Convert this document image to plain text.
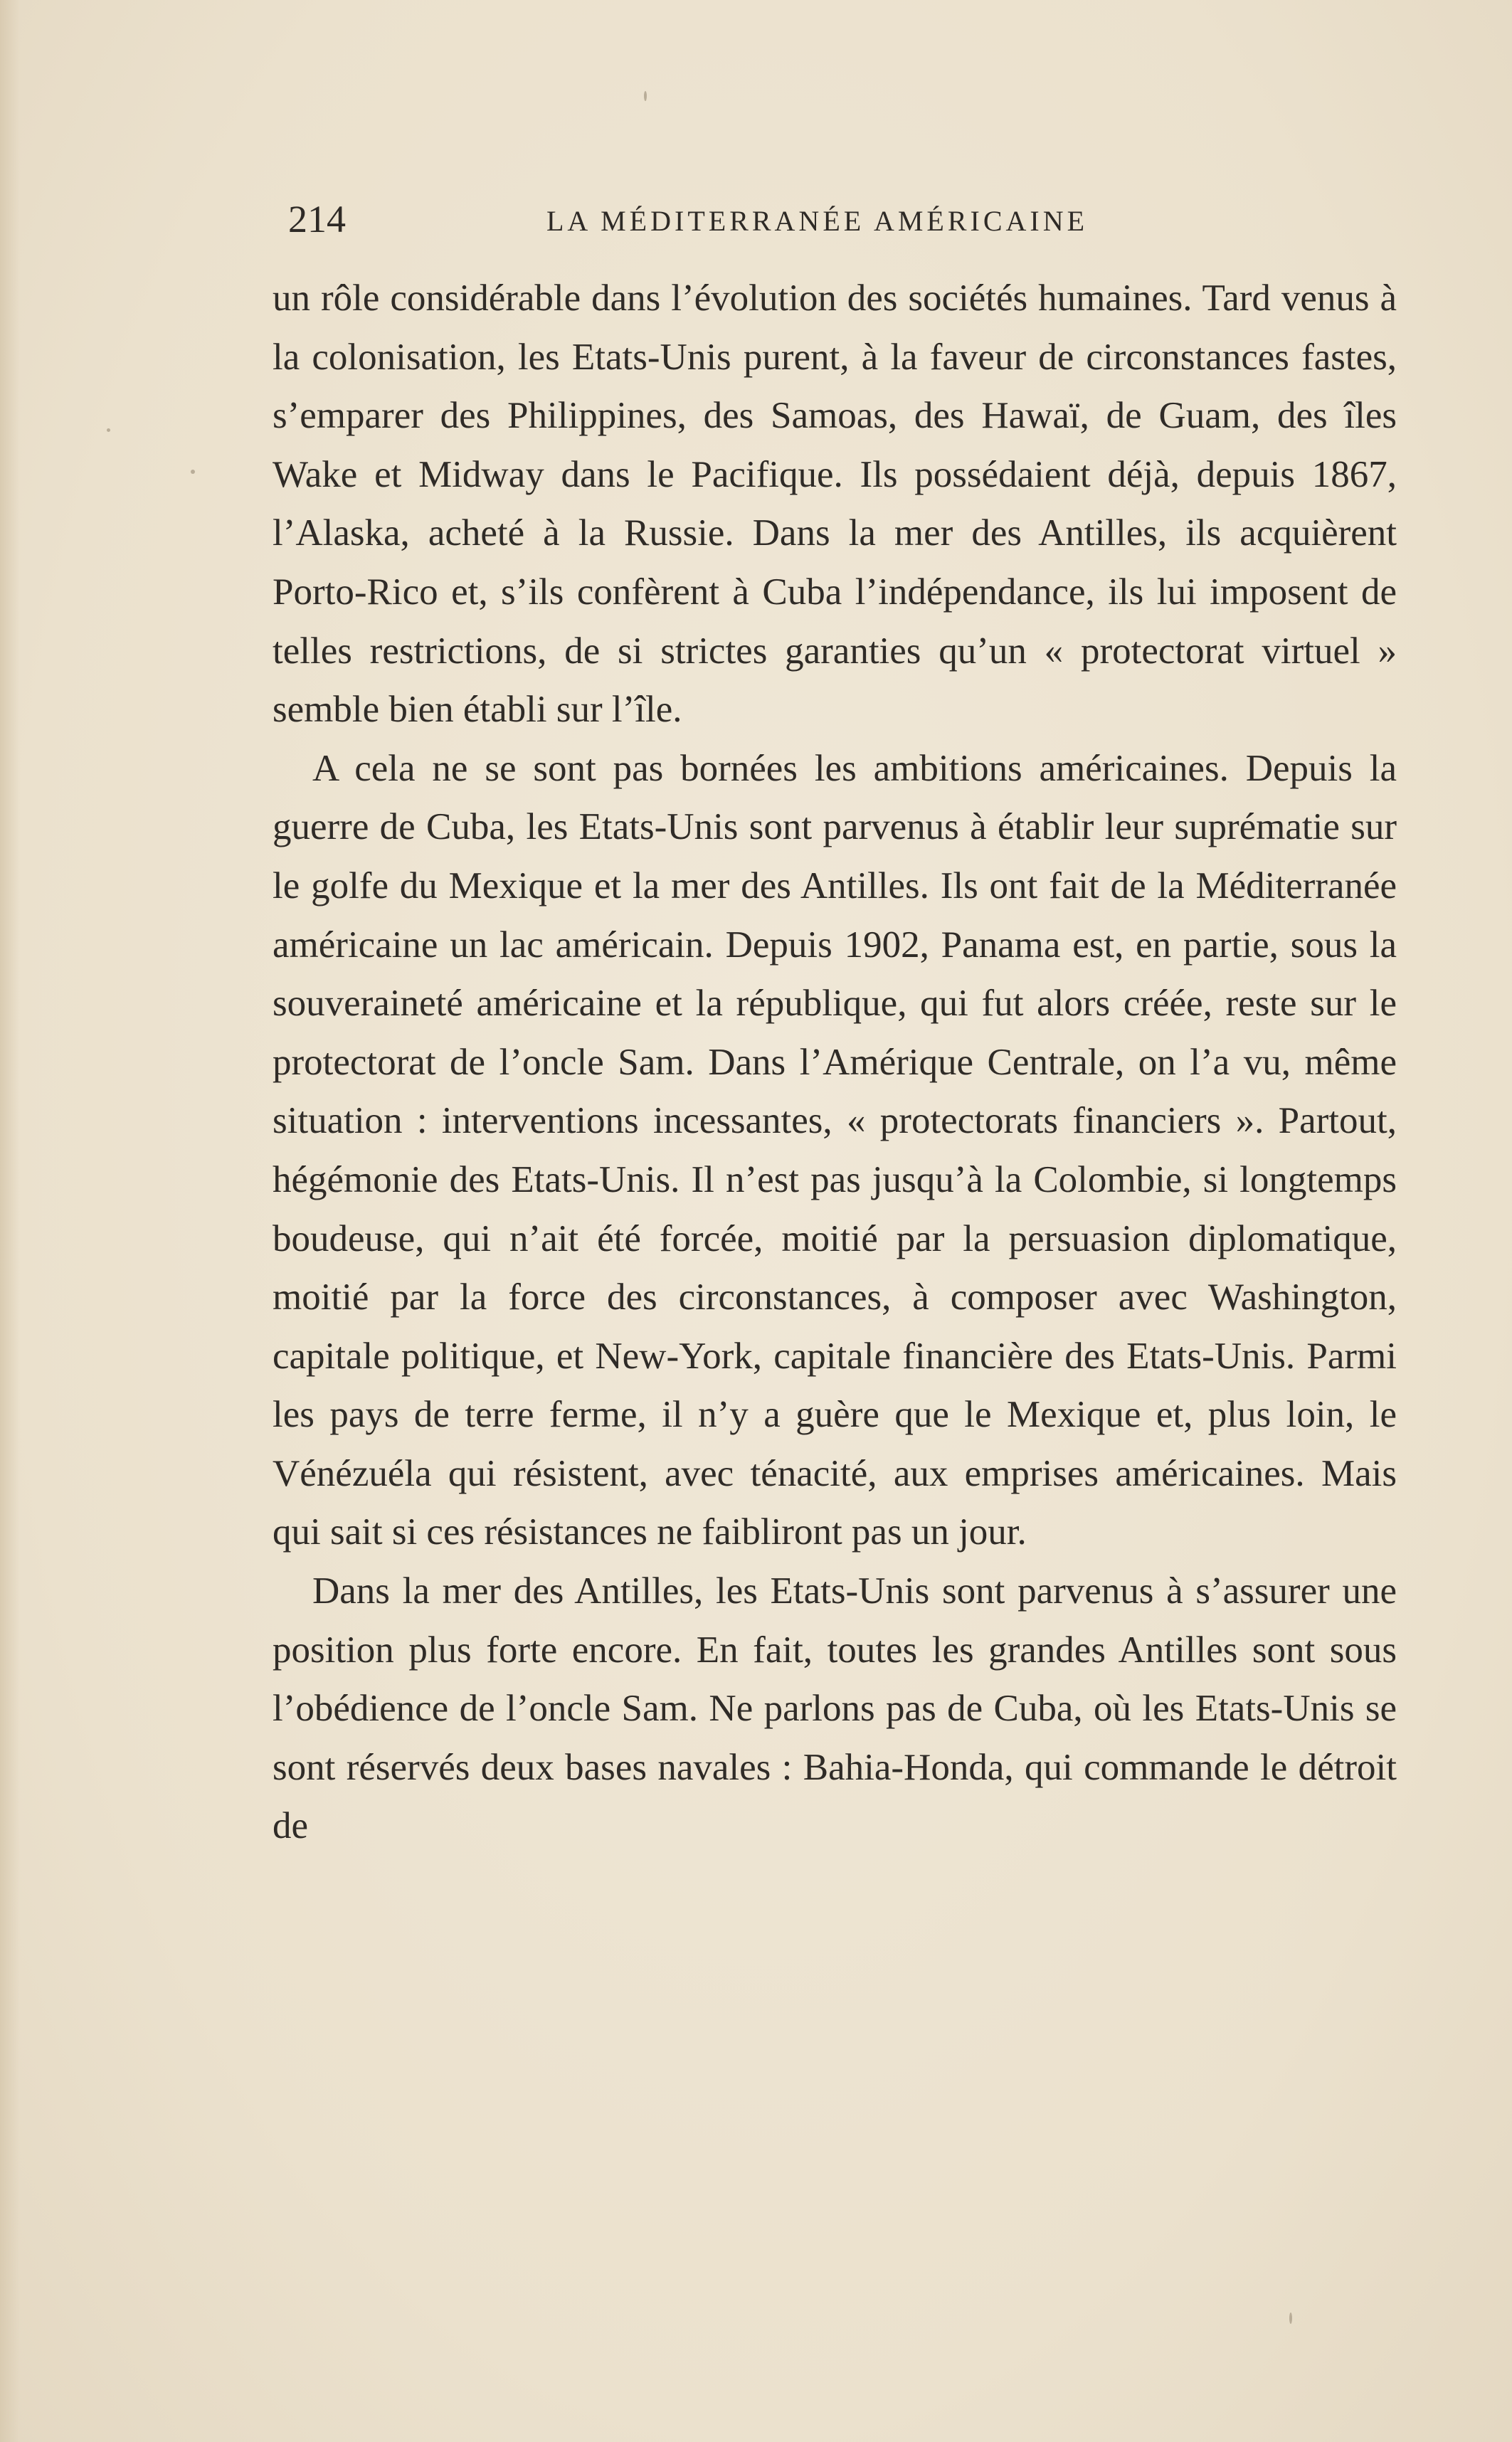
214	LA MÉDITERRANÉE AMÉRICAINE

un rôle considérable dans l’évolution des sociétés humaines. Tard venus à la colonisation, les Etats-Unis purent, à la faveur de circonstances fastes, s’emparer des Philippines, des Samoas, des Hawaï, de Guam, des îles Wake et Midway dans le Pacifique. Ils possédaient déjà, depuis 1867, l’Alaska, acheté à la Russie. Dans la mer des Antilles, ils acquièrent Porto-Rico et, s’ils confèrent à Cuba l’indépendance, ils lui imposent de telles restrictions, de si strictes garanties qu’un « protectorat virtuel » semble bien établi sur l’île.

A cela ne se sont pas bornées les ambitions américaines. Depuis la guerre de Cuba, les Etats-Unis sont parvenus à établir leur suprématie sur le golfe du Mexique et la mer des Antilles. Ils ont fait de la Méditerranée américaine un lac américain. Depuis 1902, Panama est, en partie, sous la souveraineté américaine et la république, qui fut alors créée, reste sur le protectorat de l’oncle Sam. Dans l’Amérique Centrale, on l’a vu, même situation : interventions incessantes, « protectorats financiers ». Partout, hégémonie des Etats-Unis. Il n’est pas jusqu’à la Colombie, si longtemps boudeuse, qui n’ait été forcée, moitié par la persuasion diplomatique, moitié par la force des circonstances, à composer avec Washington, capitale politique, et New-York, capitale financière des Etats-Unis. Parmi les pays de terre ferme, il n’y a guère que le Mexique et, plus loin, le Vénézuéla qui résistent, avec ténacité, aux emprises américaines. Mais qui sait si ces résistances ne faibliront pas un jour.

Dans la mer des Antilles, les Etats-Unis sont parvenus à s’assurer une position plus forte encore. En fait, toutes les grandes Antilles sont sous l’obédience de l’oncle Sam. Ne parlons pas de Cuba, où les Etats-Unis se sont réservés deux bases navales : Bahia-Honda, qui commande le détroit de
